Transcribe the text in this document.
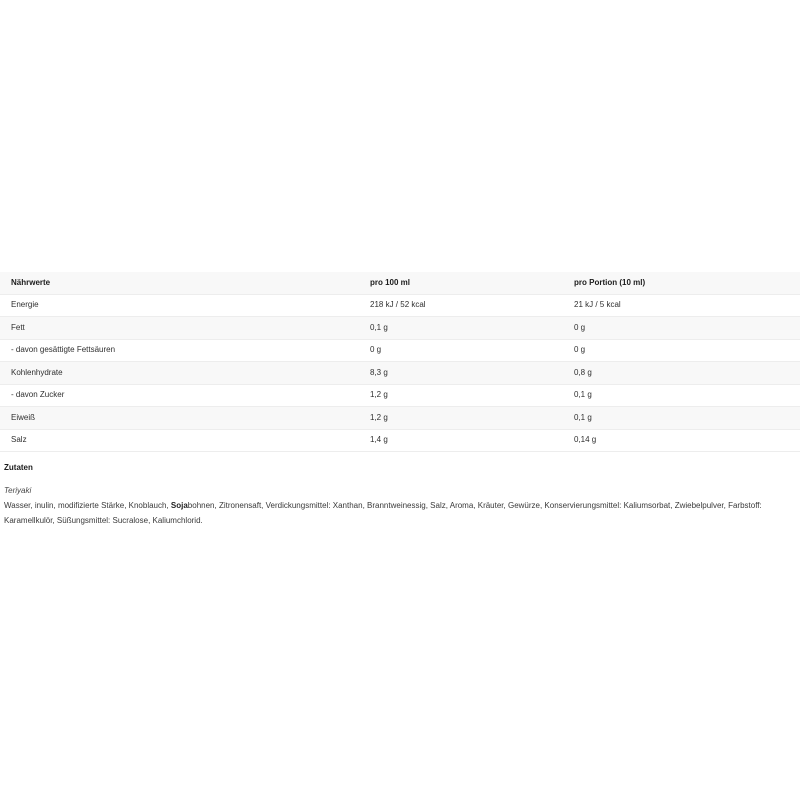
Nährwerte	pro 100 ml	pro Portion (10 ml)
Energie	218 kJ / 52 kcal	21 kJ / 5 kcal
Fett	0,1 g	0 g
- davon gesättigte Fettsäuren	0 g	0 g
Kohlenhydrate	8,3 g	0,8 g
- davon Zucker	1,2 g	0,1 g
Eiweiß	1,2 g	0,1 g
Salz	1,4 g	0,14 g
Zutaten

Teriyaki

Wasser, inulin, modifizierte Stärke, Knoblauch, Sojabohnen, Zitronensaft, Verdickungsmittel: Xanthan, Branntweinessig, Salz, Aroma, Kräuter, Gewürze, Konservierungsmittel: Kaliumsorbat, Zwiebelpulver, Farbstoff: Karamellkulör, Süßungsmittel: Sucralose, Kaliumchlorid.
